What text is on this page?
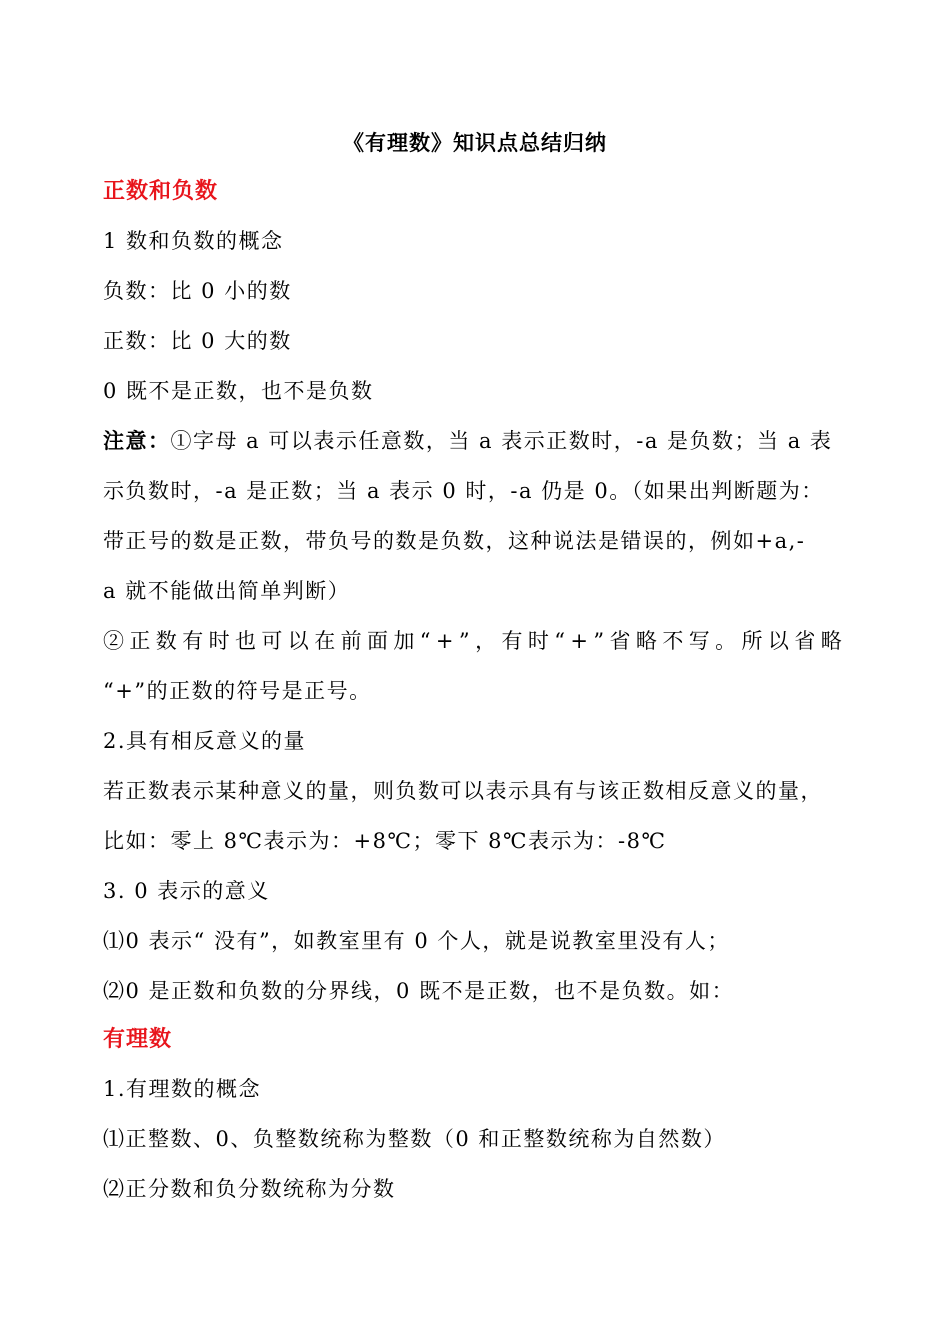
《有理数》知识点总结归纳
正数和负数
1 数和负数的概念
负数：比 0 小的数
正数：比 0 大的数
0 既不是正数，也不是负数
注意：①字母 a 可以表示任意数，当 a 表示正数时，-a 是负数；当 a 表
示负数时，-a 是正数；当 a 表示 0 时，-a 仍是 0。（如果出判断题为：
带正号的数是正数，带负号的数是负数，这种说法是错误的，例如+a,-
a 就不能做出简单判断）
②正数有时也可以在前面加“+”，有时“+”省略不写。所以省略
“+”的正数的符号是正号。
2.具有相反意义的量
若正数表示某种意义的量，则负数可以表示具有与该正数相反意义的量，
比如：零上 8℃表示为：+8℃；零下 8℃表示为：-8℃
3. 0 表示的意义
⑴0 表示“ 没有”，如教室里有 0 个人，就是说教室里没有人；
⑵0 是正数和负数的分界线，0 既不是正数，也不是负数。如：
有理数
1.有理数的概念
⑴正整数、0、负整数统称为整数（0 和正整数统称为自然数）
⑵正分数和负分数统称为分数
